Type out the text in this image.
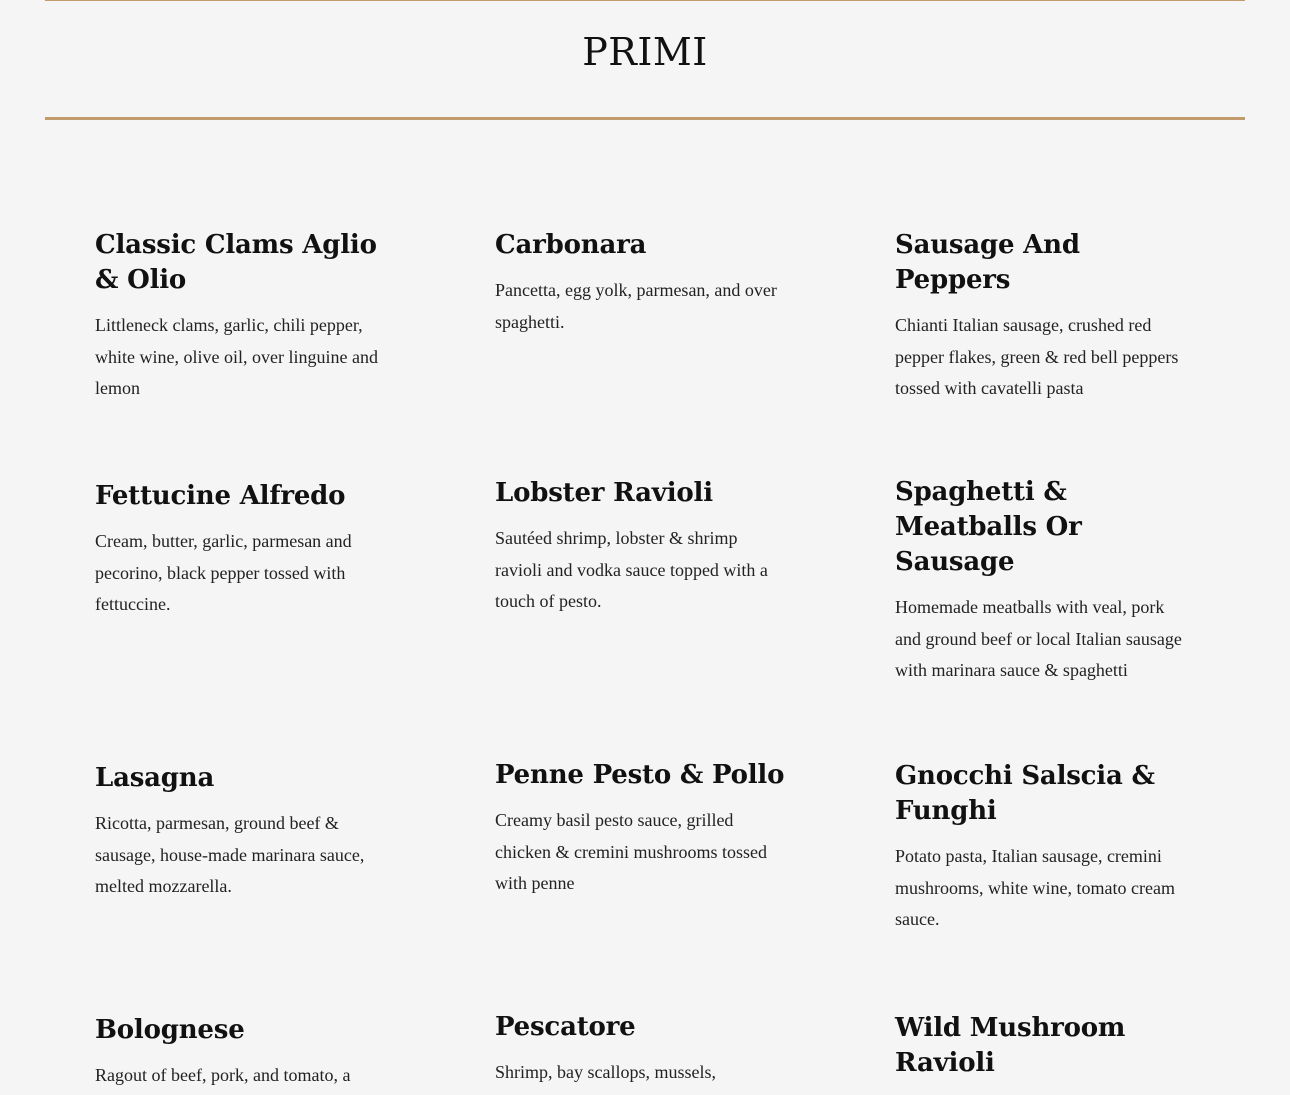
PRIMI
Classic Clams Aglio & Olio

Littleneck clams, garlic, chili pepper, white wine, olive oil, over linguine and lemon

Carbonara

Pancetta, egg yolk, parmesan, and over spaghetti.

Sausage And Peppers

Chianti Italian sausage, crushed red pepper flakes, green & red bell peppers tossed with cavatelli pasta

Fettucine Alfredo

Cream, butter, garlic, parmesan and pecorino, black pepper tossed with fettuccine.

Lobster Ravioli

Sautéed shrimp, lobster & shrimp ravioli and vodka sauce topped with a touch of pesto.

Spaghetti & Meatballs Or Sausage

Homemade meatballs with veal, pork and ground beef or local Italian sausage with marinara sauce & spaghetti

Lasagna

Ricotta, parmesan, ground beef & sausage, house-made marinara sauce, melted mozzarella.

Penne Pesto & Pollo

Creamy basil pesto sauce, grilled chicken & cremini mushrooms tossed with penne

Gnocchi Salscia & Funghi

Potato pasta, Italian sausage, cremini mushrooms, white wine, tomato cream sauce.

Bolognese

Ragout of beef, pork, and tomato, a

Pescatore

Shrimp, bay scallops, mussels,

Wild Mushroom Ravioli
